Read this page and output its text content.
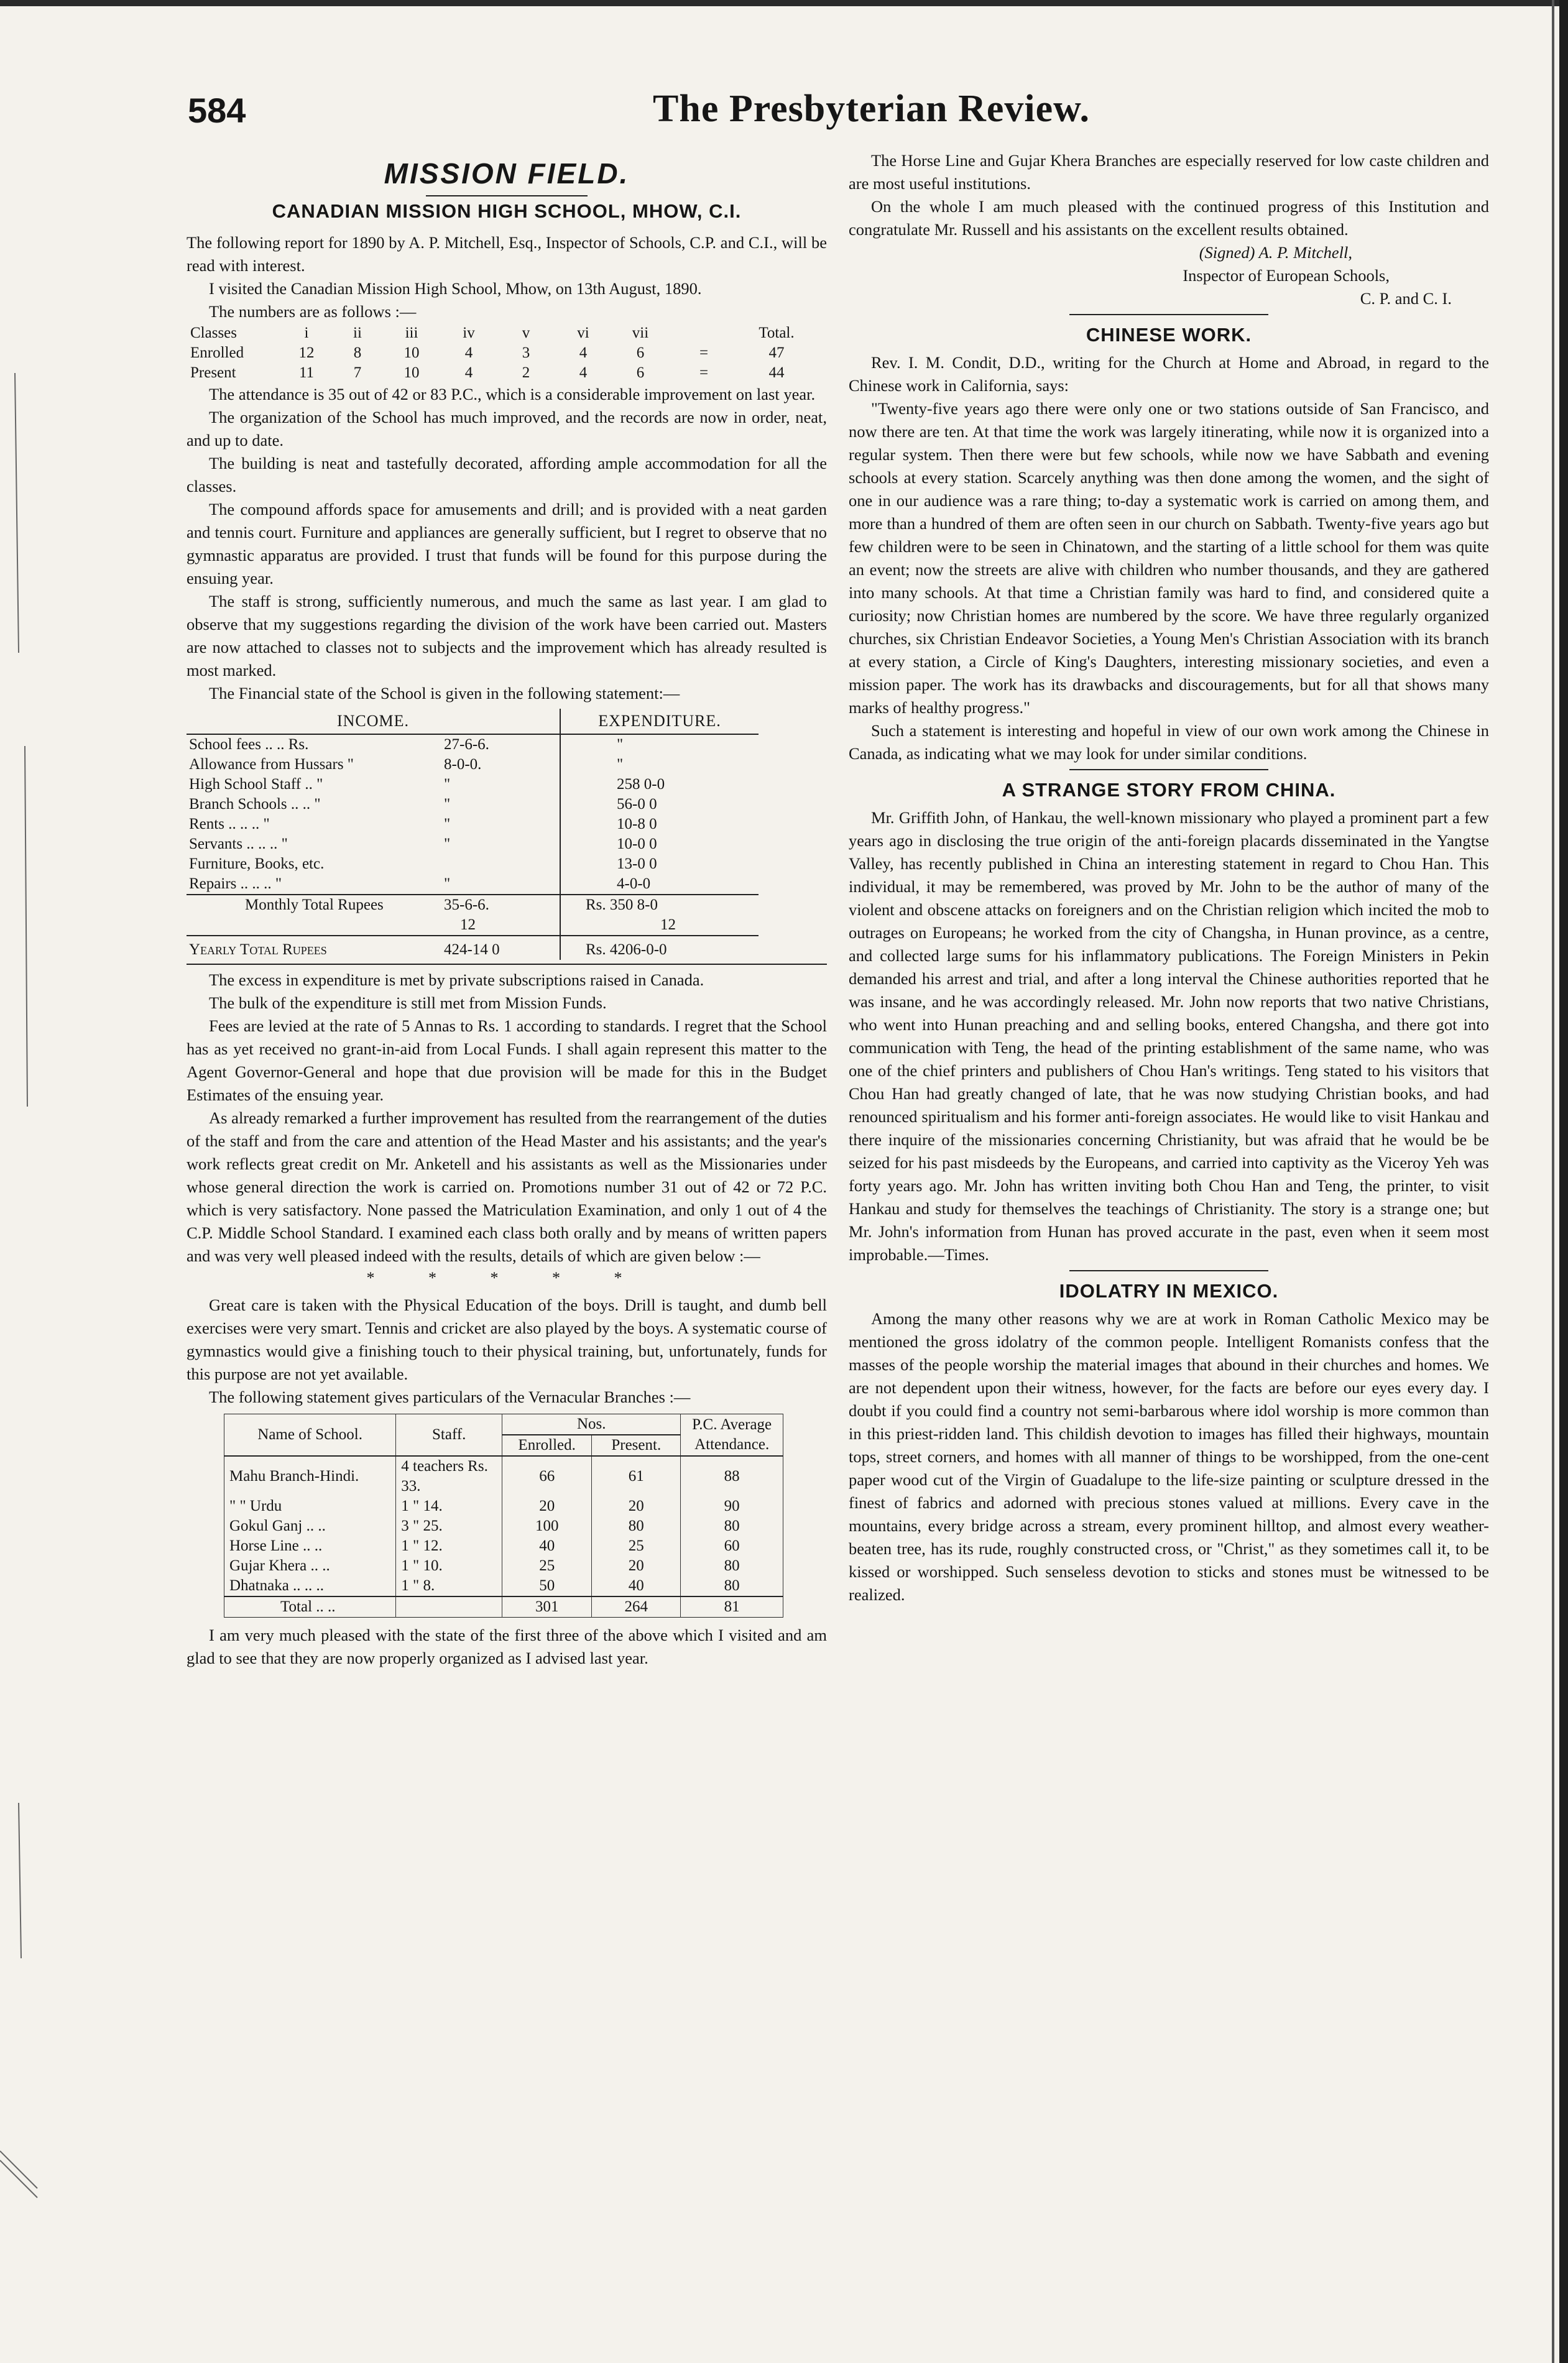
584	The Presbyterian Review.
MISSION FIELD.
CANADIAN MISSION HIGH SCHOOL, MHOW, C.I.

The following report for 1890 by A. P. Mitchell, Esq., Inspector of Schools, C.P. and C.I., will be read with interest.

I visited the Canadian Mission High School, Mhow, on 13th August, 1890.

The numbers are as follows :—

Classes	i	ii	iii	iv	v	vi	vii		Total.
Enrolled	12	8	10	4	3	4	6	=	47
Present	11	7	10	4	2	4	6	=	44

The attendance is 35 out of 42 or 83 P.C., which is a considerable improvement on last year.

The organization of the School has much improved, and the records are now in order, neat, and up to date.

The building is neat and tastefully decorated, affording ample accommodation for all the classes.

The compound affords space for amusements and drill; and is provided with a neat garden and tennis court. Furniture and appliances are generally sufficient, but I regret to observe that no gymnastic apparatus are provided. I trust that funds will be found for this purpose during the ensuing year.

The staff is strong, sufficiently numerous, and much the same as last year. I am glad to observe that my suggestions regarding the division of the work have been carried out. Masters are now attached to classes not to subjects and the improvement which has already resulted is most marked.

The Financial state of the School is given in the following statement:—

INCOME.	EXPENDITURE.
School fees .. .. Rs. 27-6-6.	"
Allowance from Hussars " 8-0-0.	"
High School Staff .. " "	258 0-0
Branch Schools .. .. " "	56-0 0
Rents .. .. .. " "	10-8 0
Servants .. .. .. " "	10-0 0
Furniture, Books, etc.	13-0 0
Repairs .. .. .. " "	4-0-0
Monthly Total Rupees 35-6-6.	Rs. 350 8-0
12	12
Yearly Total Rupees 424-14 0	Rs. 4206-0-0

The excess in expenditure is met by private subscriptions raised in Canada.

The bulk of the expenditure is still met from Mission Funds.

Fees are levied at the rate of 5 Annas to Rs. 1 according to standards. I regret that the School has as yet received no grant-in-aid from Local Funds. I shall again represent this matter to the Agent Governor-General and hope that due provision will be made for this in the Budget Estimates of the ensuing year.

As already remarked a further improvement has resulted from the rearrangement of the duties of the staff and from the care and attention of the Head Master and his assistants; and the year's work reflects great credit on Mr. Anketell and his assistants as well as the Missionaries under whose general direction the work is carried on. Promotions number 31 out of 42 or 72 P.C. which is very satisfactory. None passed the Matriculation Examination, and only 1 out of 4 the C.P. Middle School Standard. I examined each class both orally and by means of written papers and was very well pleased indeed with the results, details of which are given below :—

* * * * *

Great care is taken with the Physical Education of the boys. Drill is taught, and dumb bell exercises were very smart. Tennis and cricket are also played by the boys. A systematic course of gymnastics would give a finishing touch to their physical training, but, unfortunately, funds for this purpose are not yet available.

The following statement gives particulars of the Vernacular Branches :—

Name of School.	Staff.	Nos.		P.C. Average Attendance.
		Enrolled.	Present.	
Mahu Branch-Hindi.	4 teachers Rs. 33.	66	61	88
" " Urdu	1 " 14.	20	20	90
Gokul Ganj .. ..	3 " 25.	100	80	80
Horse Line .. ..	1 " 12.	40	25	60
Gujar Khera .. ..	1 " 10.	25	20	80
Dhatnaka .. .. ..	1 " 8.	50	40	80
Total .. ..		301	264	81

I am very much pleased with the state of the first three of the above which I visited and am glad to see that they are now properly organized as I advised last year.

The Horse Line and Gujar Khera Branches are especially reserved for low caste children and are most useful institutions.

On the whole I am much pleased with the continued progress of this Institution and congratulate Mr. Russell and his assistants on the excellent results obtained.

(Signed) A. P. Mitchell,
Inspector of European Schools,
C. P. and C. I.
CHINESE WORK.

Rev. I. M. Condit, D.D., writing for the Church at Home and Abroad, in regard to the Chinese work in California, says:

"Twenty-five years ago there were only one or two stations outside of San Francisco, and now there are ten. At that time the work was largely itinerating, while now it is organized into a regular system. Then there were but few schools, while now we have Sabbath and evening schools at every station. Scarcely anything was then done among the women, and the sight of one in our audience was a rare thing; to-day a systematic work is carried on among them, and more than a hundred of them are often seen in our church on Sabbath. Twenty-five years ago but few children were to be seen in Chinatown, and the starting of a little school for them was quite an event; now the streets are alive with children who number thousands, and they are gathered into many schools. At that time a Christian family was hard to find, and considered quite a curiosity; now Christian homes are numbered by the score. We have three regularly organized churches, six Christian Endeavor Societies, a Young Men's Christian Association with its branch at every station, a Circle of King's Daughters, interesting missionary societies, and even a mission paper. The work has its drawbacks and discouragements, but for all that shows many marks of healthy progress."

Such a statement is interesting and hopeful in view of our own work among the Chinese in Canada, as indicating what we may look for under similar conditions.

A STRANGE STORY FROM CHINA.

Mr. Griffith John, of Hankau, the well-known missionary who played a prominent part a few years ago in disclosing the true origin of the anti-foreign placards disseminated in the Yangtse Valley, has recently published in China an interesting statement in regard to Chou Han. This individual, it may be remembered, was proved by Mr. John to be the author of many of the violent and obscene attacks on foreigners and on the Christian religion which incited the mob to outrages on Europeans; he worked from the city of Changsha, in Hunan province, as a centre, and collected large sums for his inflammatory publications. The Foreign Ministers in Pekin demanded his arrest and trial, and after a long interval the Chinese authorities reported that he was insane, and he was accordingly released. Mr. John now reports that two native Christians, who went into Hunan preaching and and selling books, entered Changsha, and there got into communication with Teng, the head of the printing establishment of the same name, who was one of the chief printers and publishers of Chou Han's writings. Teng stated to his visitors that Chou Han had greatly changed of late, that he was now studying Christian books, and had renounced spiritualism and his former anti-foreign associates. He would like to visit Hankau and there inquire of the missionaries concerning Christianity, but was afraid that he would be be seized for his past misdeeds by the Europeans, and carried into captivity as the Viceroy Yeh was forty years ago. Mr. John has written inviting both Chou Han and Teng, the printer, to visit Hankau and study for themselves the teachings of Christianity. The story is a strange one; but Mr. John's information from Hunan has proved accurate in the past, even when it seem most improbable.—Times.

IDOLATRY IN MEXICO.

Among the many other reasons why we are at work in Roman Catholic Mexico may be mentioned the gross idolatry of the common people. Intelligent Romanists confess that the masses of the people worship the material images that abound in their churches and homes. We are not dependent upon their witness, however, for the facts are before our eyes every day. I doubt if you could find a country not semi-barbarous where idol worship is more common than in this priest-ridden land. This childish devotion to images has filled their highways, mountain tops, street corners, and homes with all manner of things to be worshipped, from the one-cent paper wood cut of the Virgin of Guadalupe to the life-size painting or sculpture dressed in the finest of fabrics and adorned with precious stones valued at millions. Every cave in the mountains, every bridge across a stream, every prominent hilltop, and almost every weather-beaten tree, has its rude, roughly constructed cross, or "Christ," as they sometimes call it, to be kissed or worshipped. Such senseless devotion to sticks and stones must be witnessed to be realized.
